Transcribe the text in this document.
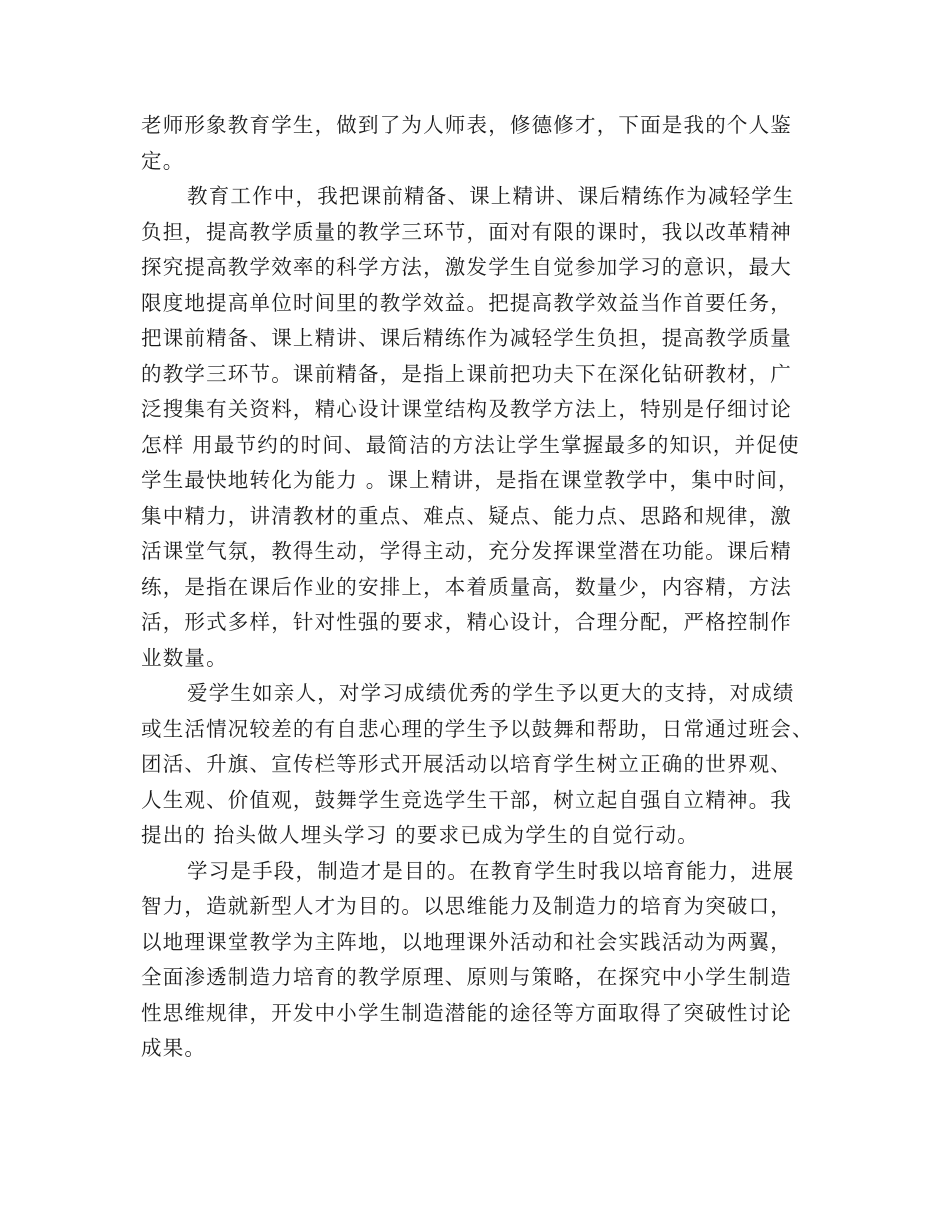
老师形象教育学生，做到了为人师表，修德修才，下面是我的个人鉴
定。
教育工作中，我把课前精备、课上精讲、课后精练作为减轻学生
负担，提高教学质量的教学三环节，面对有限的课时，我以改革精神
探究提高教学效率的科学方法，激发学生自觉参加学习的意识，最大
限度地提高单位时间里的教学效益。把提高教学效益当作首要任务，
把课前精备、课上精讲、课后精练作为减轻学生负担，提高教学质量
的教学三环节。课前精备，是指上课前把功夫下在深化钻研教材，广
泛搜集有关资料，精心设计课堂结构及教学方法上，特别是仔细讨论
怎样 用最节约的时间、最简洁的方法让学生掌握最多的知识，并促使
学生最快地转化为能力 。课上精讲，是指在课堂教学中，集中时间，
集中精力，讲清教材的重点、难点、疑点、能力点、思路和规律，激
活课堂气氛，教得生动，学得主动，充分发挥课堂潜在功能。课后精
练，是指在课后作业的安排上，本着质量高，数量少，内容精，方法
活，形式多样，针对性强的要求，精心设计，合理分配，严格控制作
业数量。
爱学生如亲人，对学习成绩优秀的学生予以更大的支持，对成绩
或生活情况较差的有自悲心理的学生予以鼓舞和帮助，日常通过班会、
团活、升旗、宣传栏等形式开展活动以培育学生树立正确的世界观、
人生观、价值观，鼓舞学生竞选学生干部，树立起自强自立精神。我
提出的 抬头做人埋头学习 的要求已成为学生的自觉行动。
学习是手段，制造才是目的。在教育学生时我以培育能力，进展
智力，造就新型人才为目的。以思维能力及制造力的培育为突破口，
以地理课堂教学为主阵地，以地理课外活动和社会实践活动为两翼，
全面渗透制造力培育的教学原理、原则与策略，在探究中小学生制造
性思维规律，开发中小学生制造潜能的途径等方面取得了突破性讨论
成果。
